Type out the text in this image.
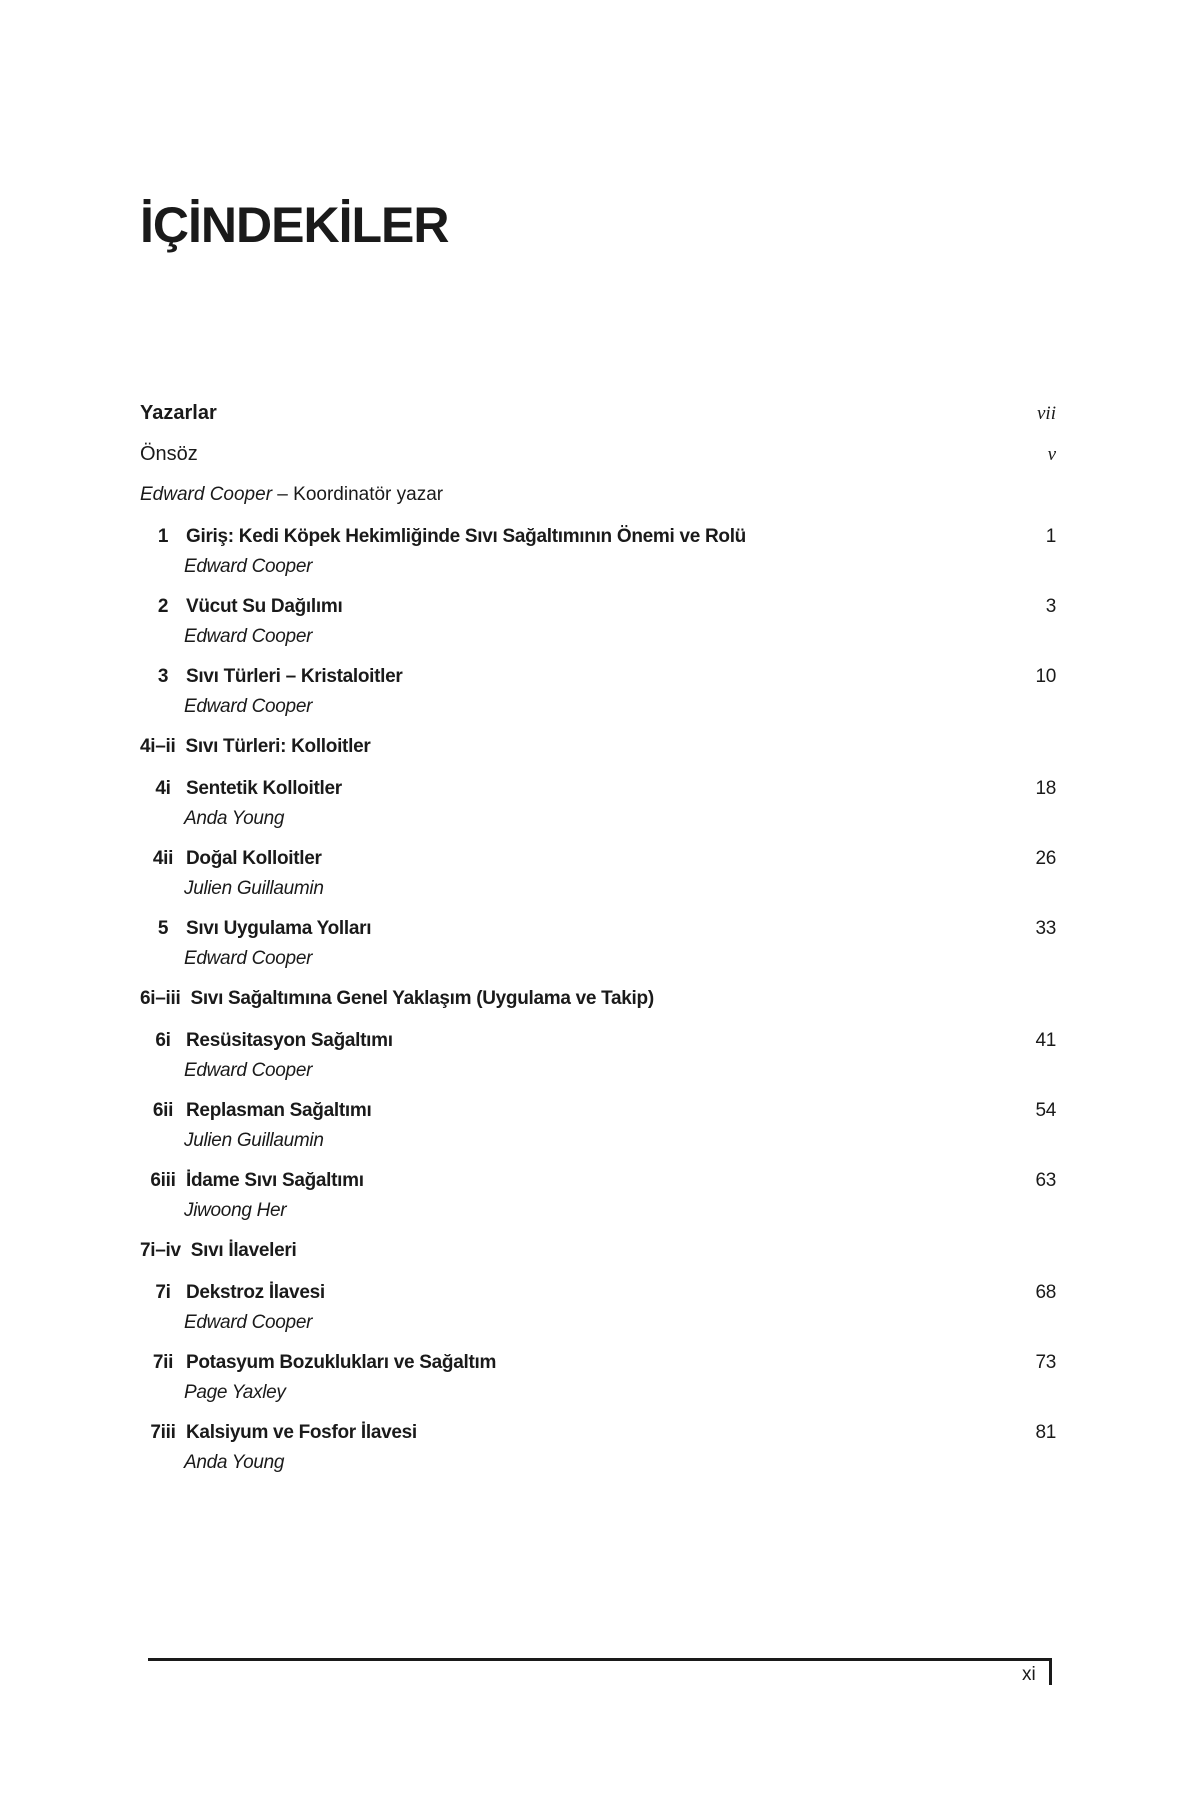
İÇİNDEKİLER
Yazarlar	vii
Önsöz	v
Edward Cooper – Koordinatör yazar
1 Giriş: Kedi Köpek Hekimliğinde Sıvı Sağaltımının Önemi ve Rolü	1
Edward Cooper
2 Vücut Su Dağılımı	3
Edward Cooper
3 Sıvı Türleri – Kristaloitler	10
Edward Cooper
4i–ii Sıvı Türleri: Kolloitler
4i Sentetik Kolloitler	18
Anda Young
4ii Doğal Kolloitler	26
Julien Guillaumin
5 Sıvı Uygulama Yolları	33
Edward Cooper
6i–iii Sıvı Sağaltımına Genel Yaklaşım (Uygulama ve Takip)
6i Resüsitasyon Sağaltımı	41
Edward Cooper
6ii Replasman Sağaltımı	54
Julien Guillaumin
6iii İdame Sıvı Sağaltımı	63
Jiwoong Her
7i–iv Sıvı İlaveleri
7i Dekstroz İlavesi	68
Edward Cooper
7ii Potasyum Bozuklukları ve Sağaltım	73
Page Yaxley
7iii Kalsiyum ve Fosfor İlavesi	81
Anda Young
xi
